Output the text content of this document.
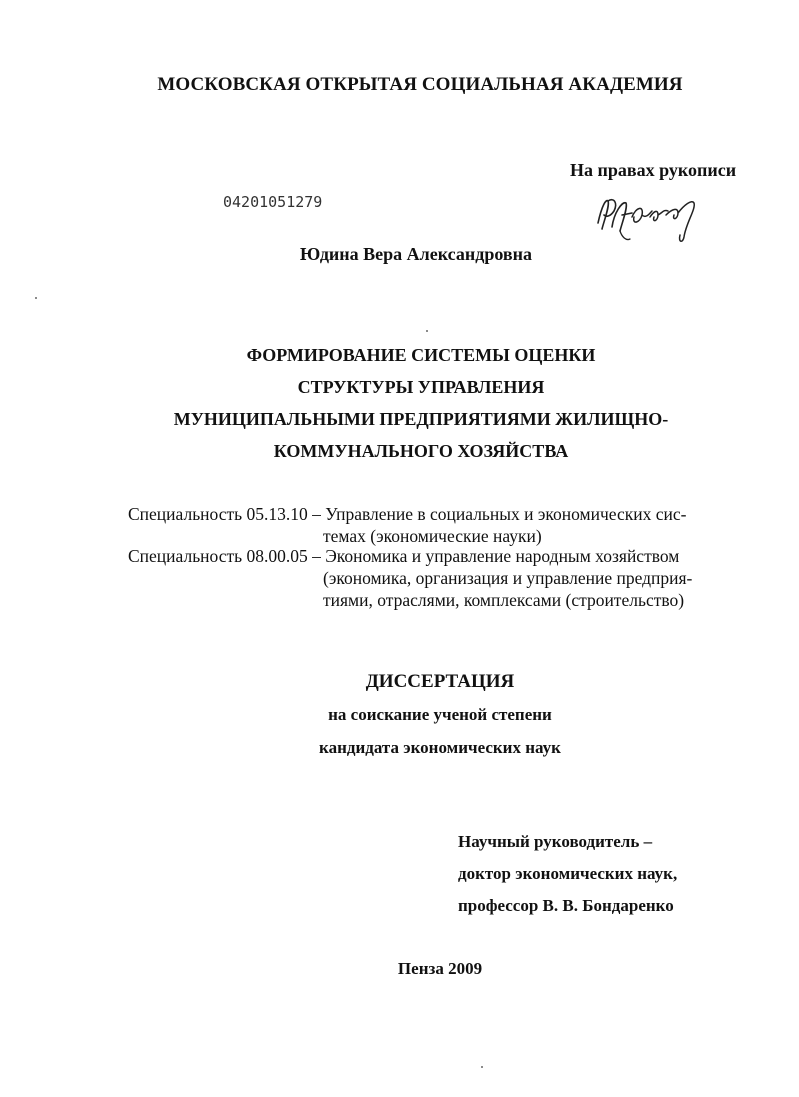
МОСКОВСКАЯ ОТКРЫТАЯ СОЦИАЛЬНАЯ АКАДЕМИЯ
На правах рукописи
04201051279
Юдина Вера Александровна
ФОРМИРОВАНИЕ СИСТЕМЫ ОЦЕНКИ
СТРУКТУРЫ УПРАВЛЕНИЯ
МУНИЦИПАЛЬНЫМИ ПРЕДПРИЯТИЯМИ ЖИЛИЩНО-
КОММУНАЛЬНОГО ХОЗЯЙСТВА
Специальность 05.13.10 – Управление в социальных и экономических сис-
темах (экономические науки)
Специальность 08.00.05 – Экономика и управление народным хозяйством
(экономика, организация и управление предприя-
тиями, отраслями, комплексами (строительство)
ДИССЕРТАЦИЯ
на соискание ученой степени
кандидата экономических наук
Научный руководитель –
доктор экономических наук,
профессор В. В. Бондаренко
Пенза 2009
